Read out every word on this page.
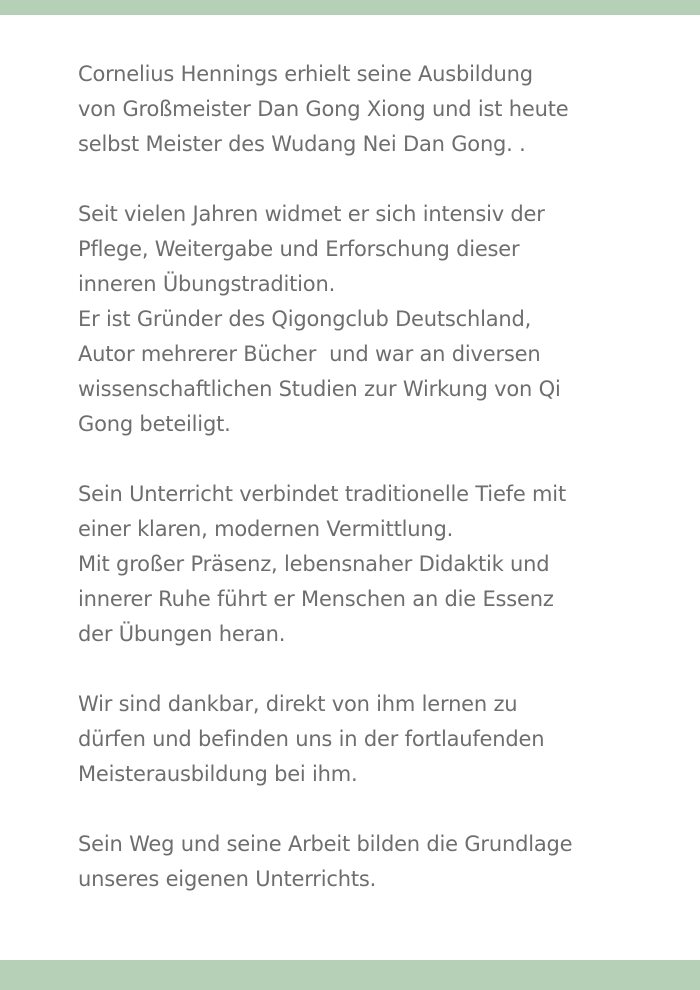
Cornelius Hennings erhielt seine Ausbildung
von Großmeister Dan Gong Xiong und ist heute
selbst Meister des Wudang Nei Dan Gong. .
Seit vielen Jahren widmet er sich intensiv der
Pflege, Weitergabe und Erforschung dieser
inneren Übungstradition.
Er ist Gründer des Qigongclub Deutschland,
Autor mehrerer Bücher  und war an diversen
wissenschaftlichen Studien zur Wirkung von Qi
Gong beteiligt.
Sein Unterricht verbindet traditionelle Tiefe mit
einer klaren, modernen Vermittlung.
Mit großer Präsenz, lebensnaher Didaktik und
innerer Ruhe führt er Menschen an die Essenz
der Übungen heran.
Wir sind dankbar, direkt von ihm lernen zu
dürfen und befinden uns in der fortlaufenden
Meisterausbildung bei ihm.
Sein Weg und seine Arbeit bilden die Grundlage
unseres eigenen Unterrichts.
